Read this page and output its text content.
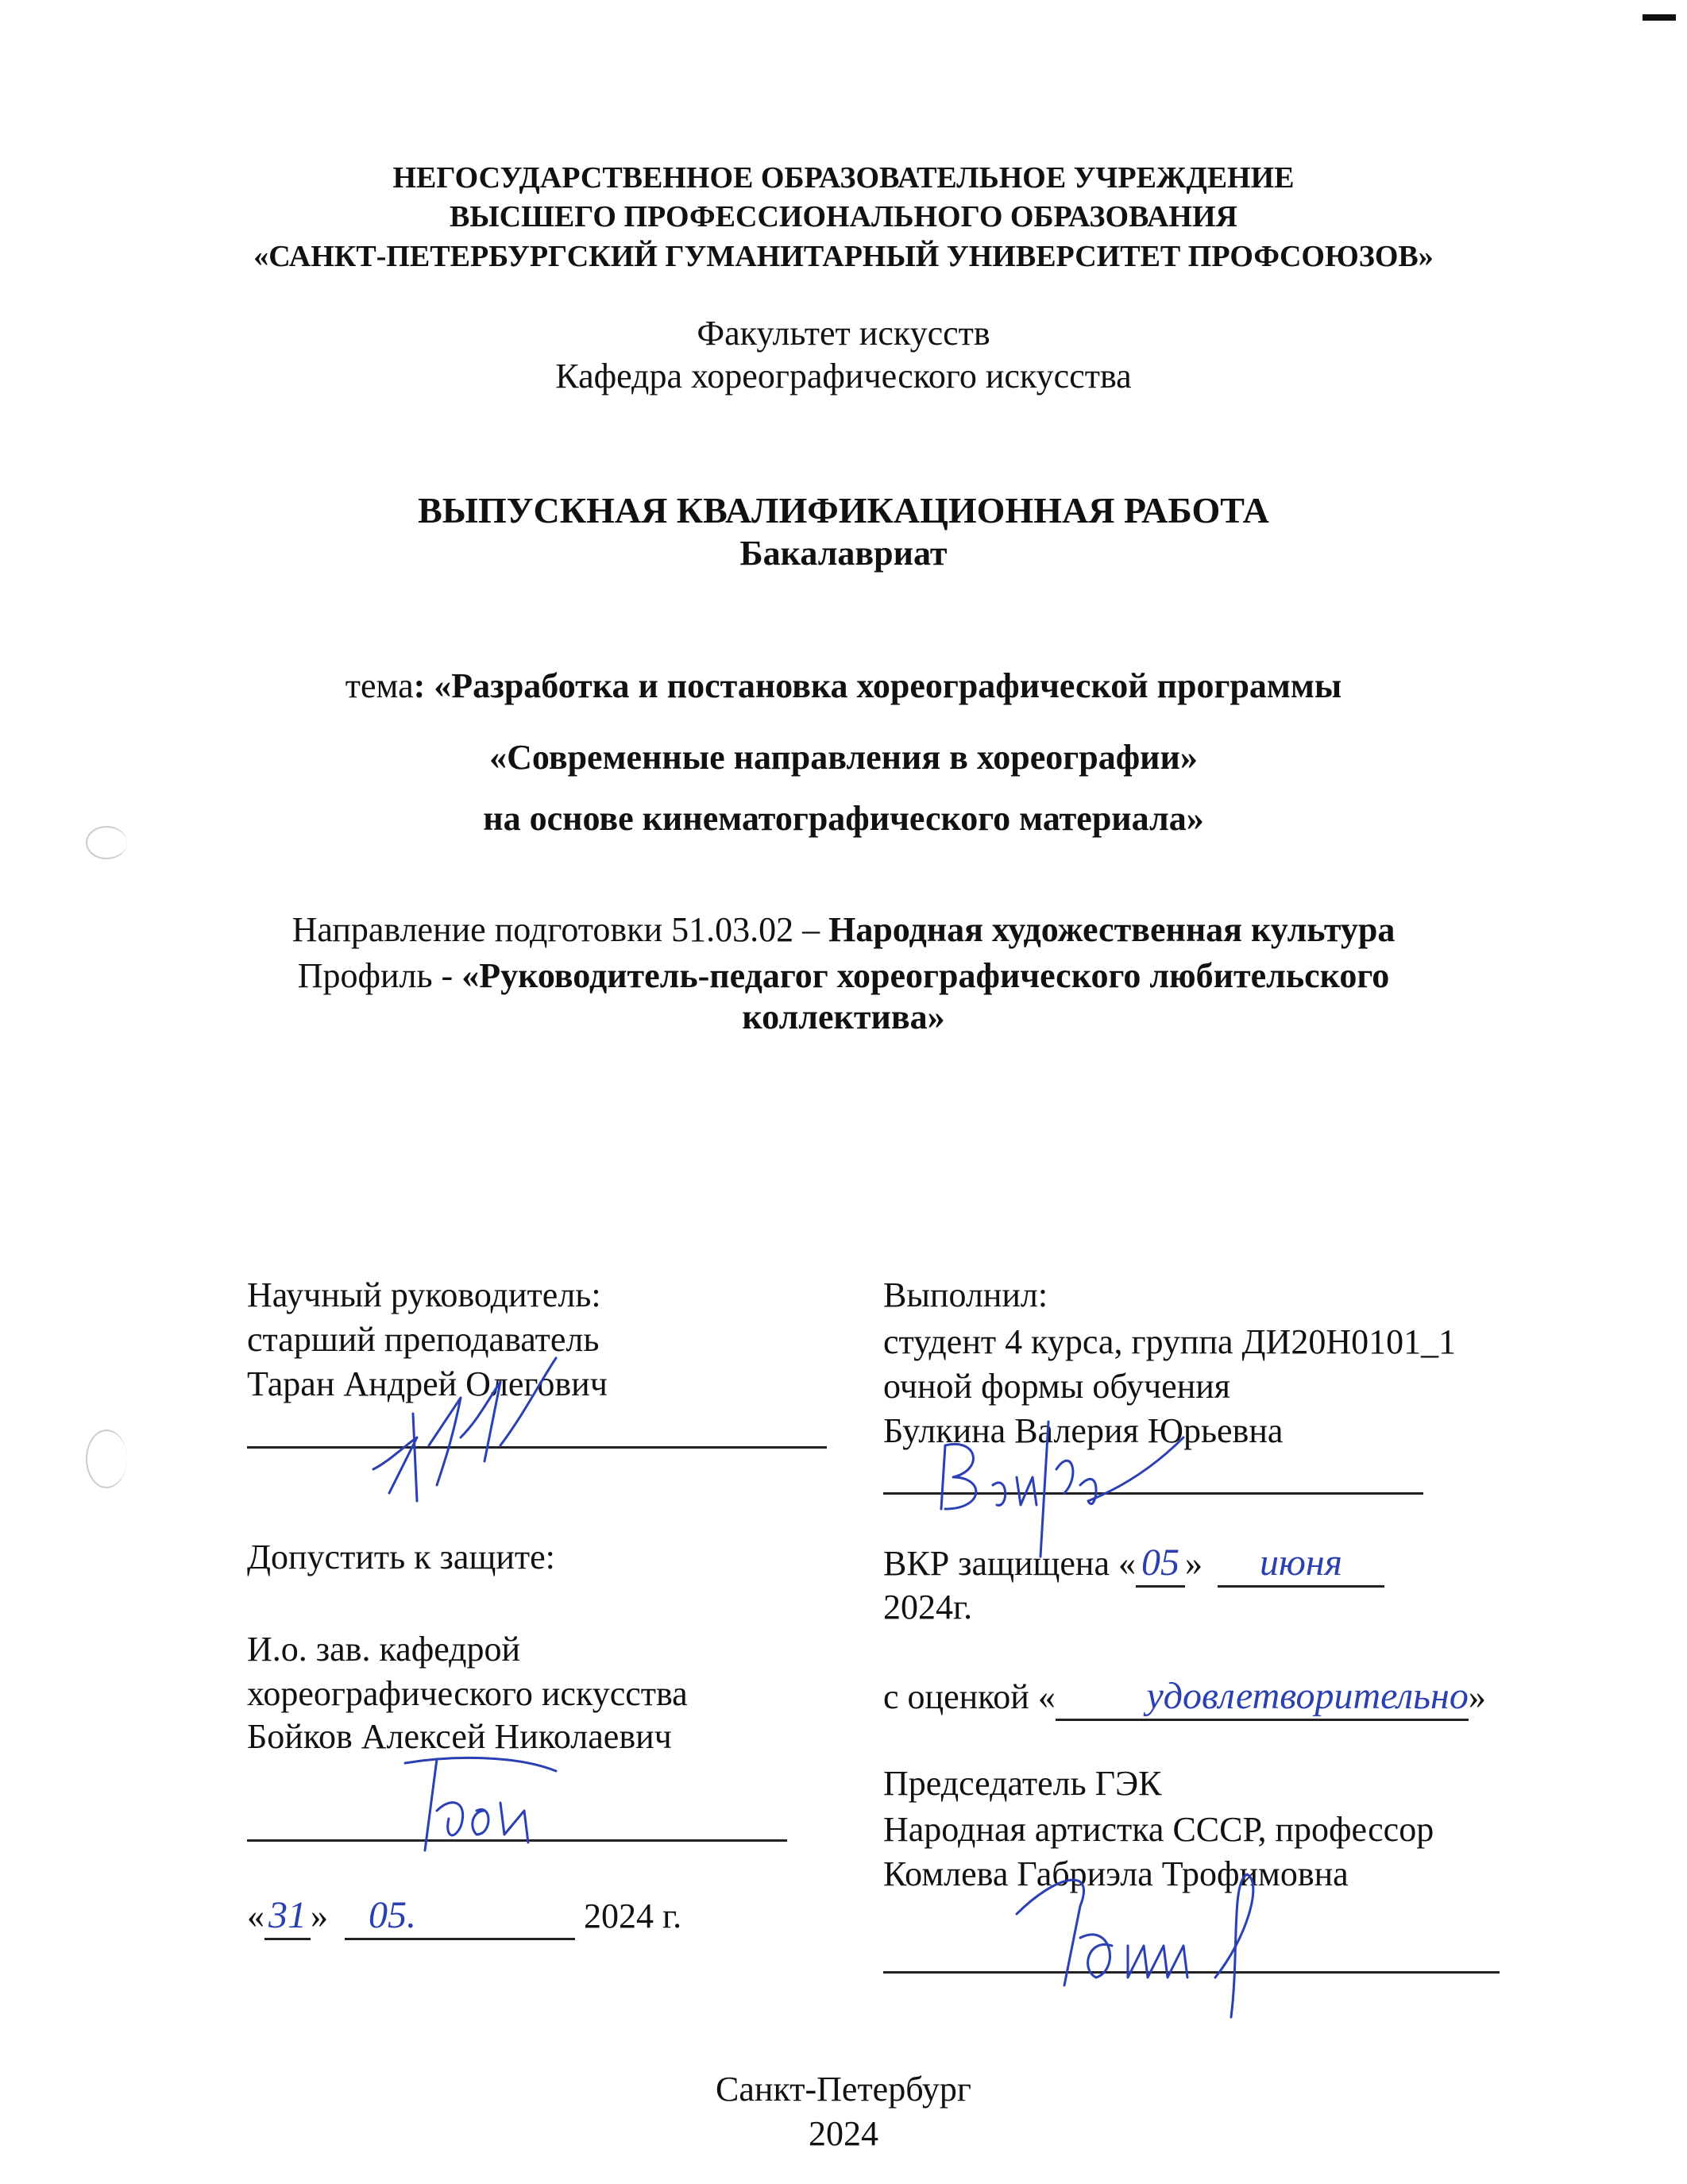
НЕГОСУДАРСТВЕННОЕ ОБРАЗОВАТЕЛЬНОЕ УЧРЕЖДЕНИЕ
ВЫСШЕГО ПРОФЕССИОНАЛЬНОГО ОБРАЗОВАНИЯ
«САНКТ-ПЕТЕРБУРГСКИЙ ГУМАНИТАРНЫЙ УНИВЕРСИТЕТ ПРОФСОЮЗОВ»
Факультет искусств
Кафедра хореографического искусства
ВЫПУСКНАЯ КВАЛИФИКАЦИОННАЯ РАБОТА
Бакалавриат
тема: «Разработка и постановка хореографической программы
«Современные направления в хореографии»
на основе кинематографического материала»
Направление подготовки 51.03.02 – Народная художественная культура
Профиль - «Руководитель-педагог хореографического любительского
коллектива»
Научный руководитель:
старший преподаватель
Таран Андрей Олегович
Допустить к защите:
И.о. зав. кафедрой
хореографического искусства
Бойков Алексей Николаевич
« 31 » 05.	2024 г.
Выполнил:
студент 4 курса, группа ДИ20Н0101_1
очной формы обучения
Булкина Валерия Юрьевна
ВКР защищена « 05 » июня
2024г.
с оценкой « удовлетворительно»
Председатель ГЭК
Народная артистка СССР, профессор
Комлева Габриэла Трофимовна
Санкт-Петербург
2024
